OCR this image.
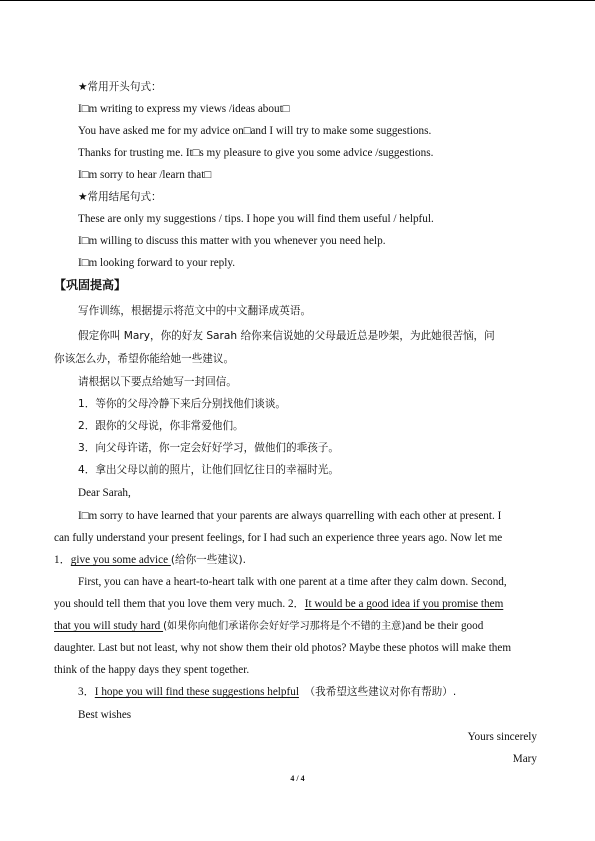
★常用开头句式：
I□m writing to express my views /ideas about□
You have asked me for my advice on□and I will try to make some suggestions.
Thanks for trusting me. It□s my pleasure to give you some advice /suggestions.
I□m sorry to hear /learn that□
★常用结尾句式：
These are only my suggestions / tips. I hope you will find them useful / helpful.
I□m willing to discuss this matter with you whenever you need help.
I□m looking forward to your reply.
【巩固提高】
写作训练，根据提示将范文中的中文翻译成英语。
假定你叫 Mary，你的好友 Sarah 给你来信说她的父母最近总是吵架，为此她很苦恼，问
你该怎么办，希望你能给她一些建议。
请根据以下要点给她写一封回信。
1．等你的父母冷静下来后分别找他们谈谈。
2．跟你的父母说，你非常爱他们。
3．向父母许诺，你一定会好好学习，做他们的乖孩子。
4．拿出父母以前的照片，让他们回忆往日的幸福时光。
Dear Sarah,
I□m sorry to have learned that your parents are always quarrelling with each other at present. I
can fully understand your present feelings, for I had such an experience three years ago. Now let me
1．give you some advice (给你一些建议).
First, you can have a heart-to-heart talk with one parent at a time after they calm down. Second,
you should tell them that you love them very much. 2．It would be a good idea if you promise them
that you will study hard (如果你向他们承诺你会好好学习那将是个不错的主意)and be their good
daughter. Last but not least, why not show them their old photos? Maybe these photos will make them
think of the happy days they spent together.
3．I hope you will find these suggestions helpful （我希望这些建议对你有帮助）.
Best wishes
Yours sincerely
Mary
4 / 4
